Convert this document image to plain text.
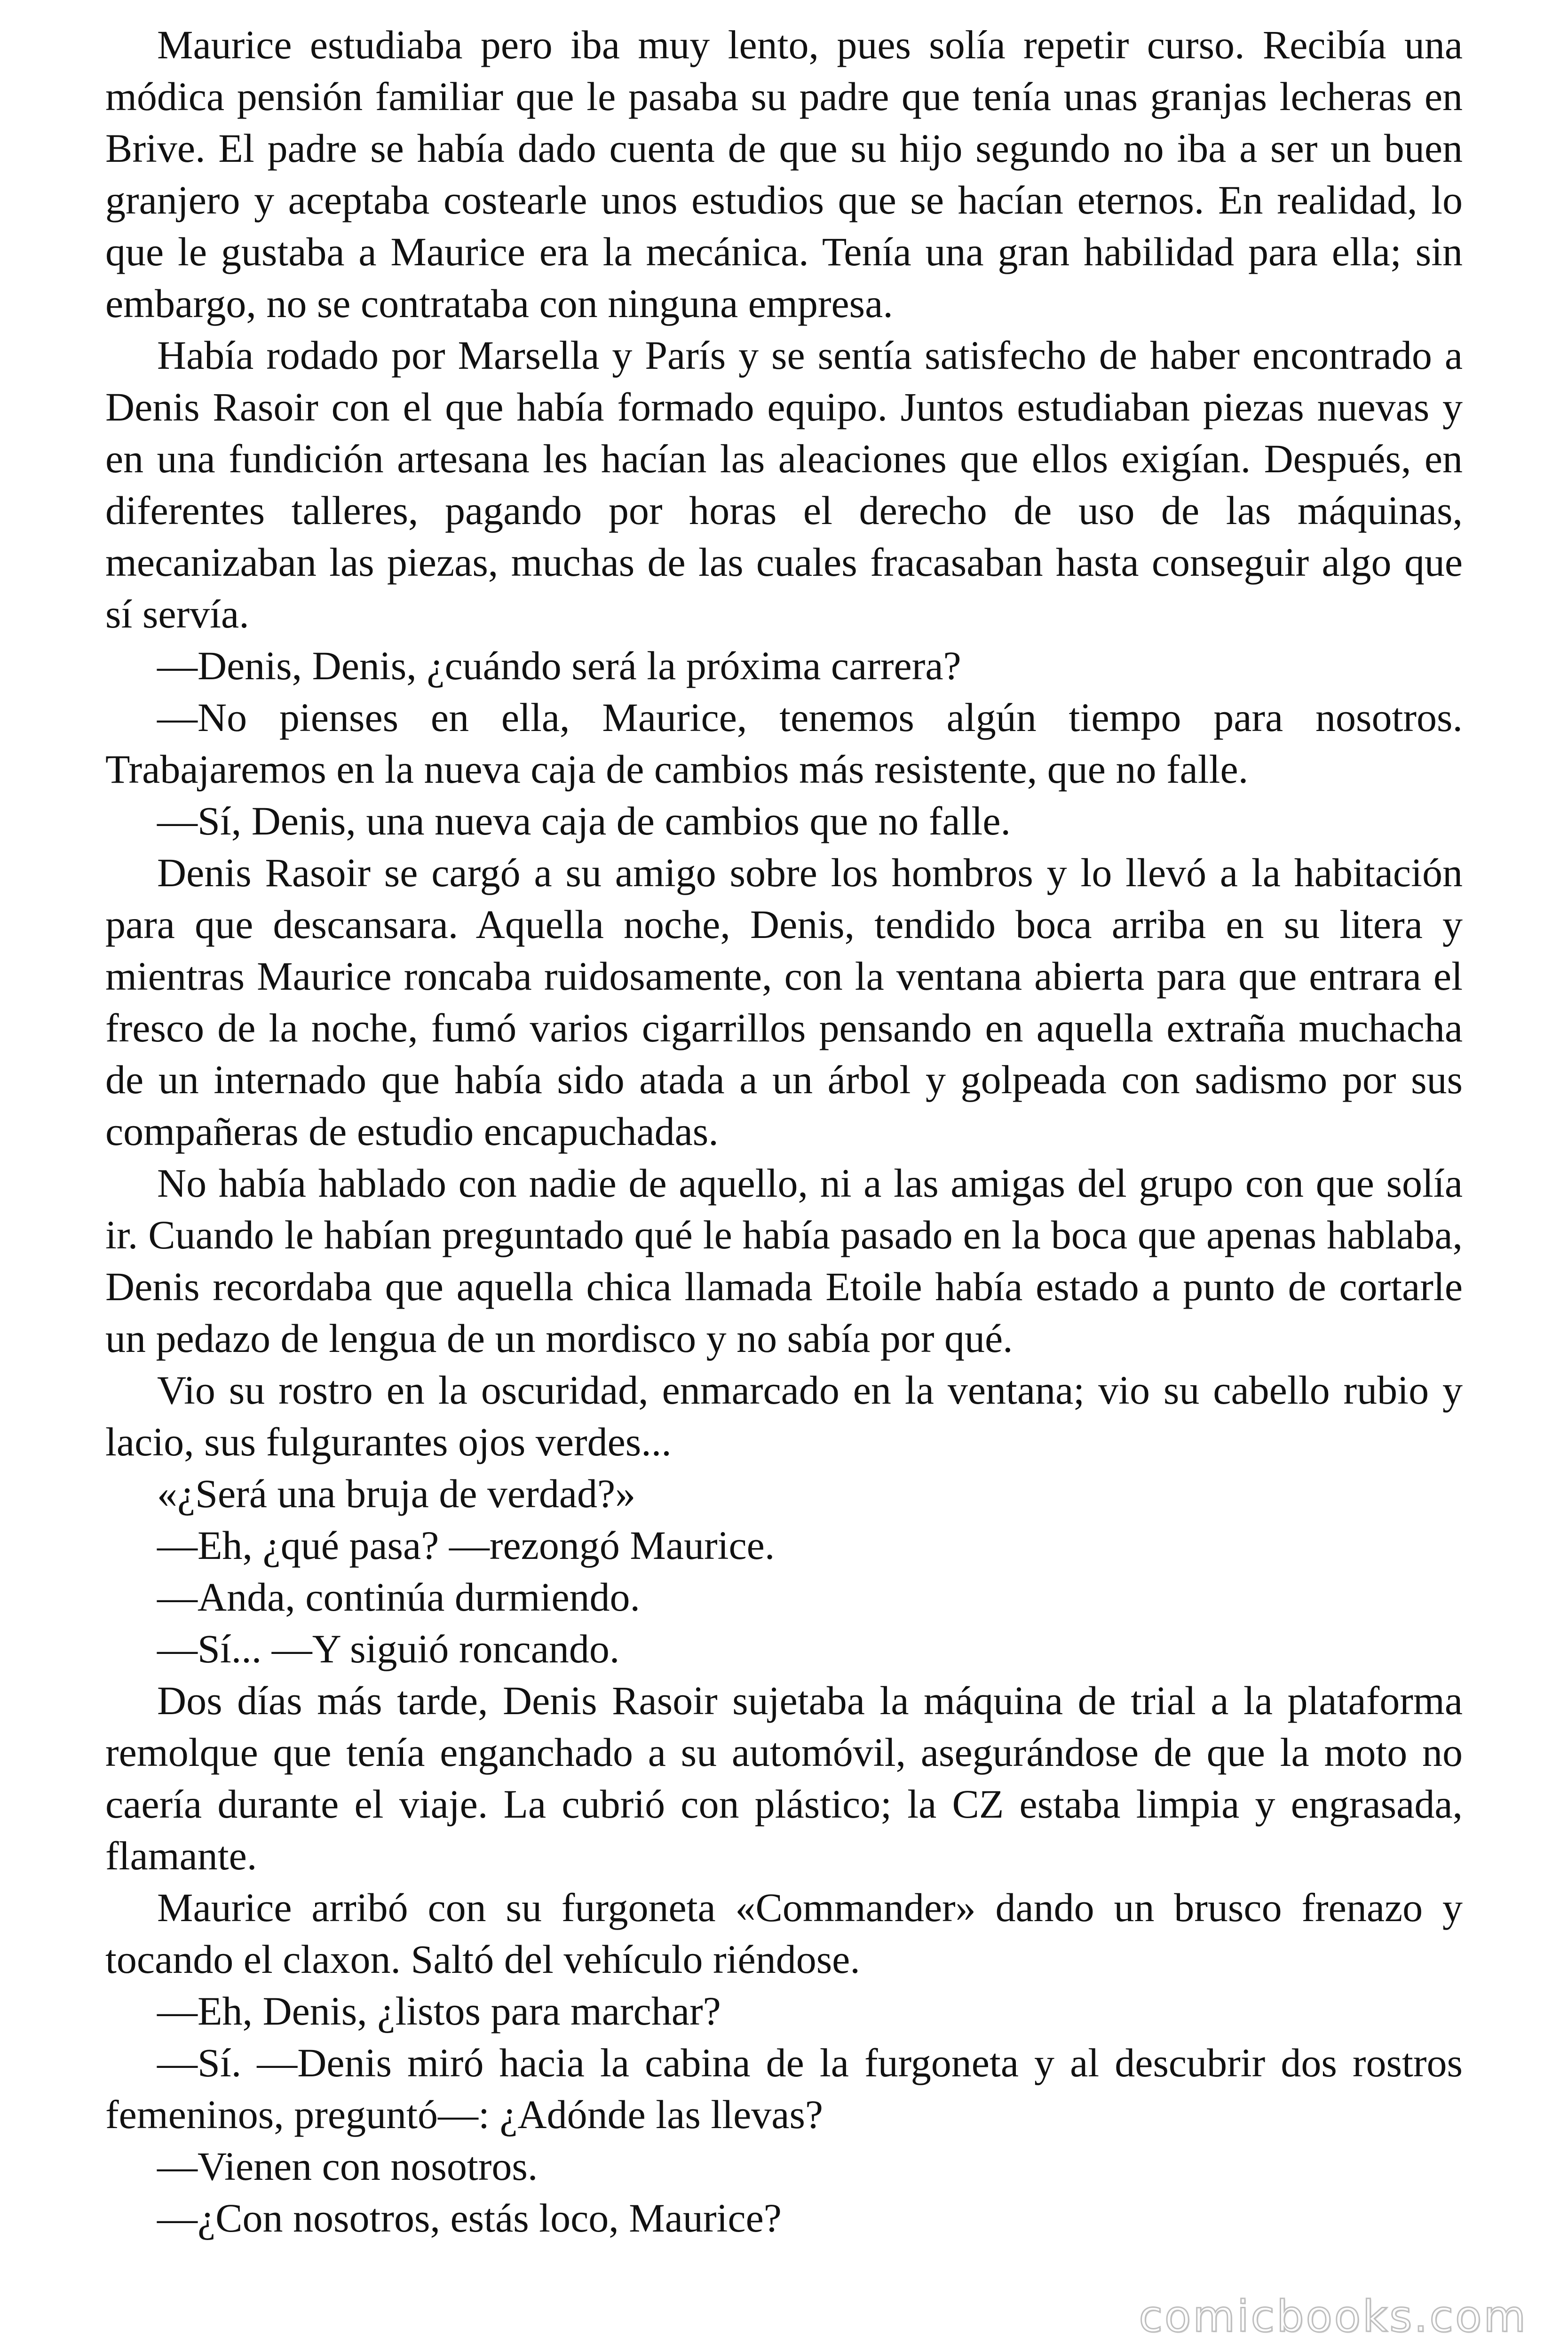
Maurice estudiaba pero iba muy lento, pues solía repetir curso. Recibía una módica pensión familiar que le pasaba su padre que tenía unas granjas lecheras en Brive. El padre se había dado cuenta de que su hijo segundo no iba a ser un buen granjero y aceptaba costearle unos estudios que se hacían eternos. En realidad, lo que le gustaba a Maurice era la mecánica. Tenía una gran habilidad para ella; sin embargo, no se contrataba con ninguna empresa.

Había rodado por Marsella y París y se sentía satisfecho de haber encontrado a Denis Rasoir con el que había formado equipo. Juntos estudiaban piezas nuevas y en una fundición artesana les hacían las aleaciones que ellos exigían. Después, en diferentes talleres, pagando por horas el derecho de uso de las máquinas, mecanizaban las piezas, muchas de las cuales fracasaban hasta conseguir algo que sí servía.

—Denis, Denis, ¿cuándo será la próxima carrera?

—No pienses en ella, Maurice, tenemos algún tiempo para nosotros. Trabajaremos en la nueva caja de cambios más resistente, que no falle.

—Sí, Denis, una nueva caja de cambios que no falle.

Denis Rasoir se cargó a su amigo sobre los hombros y lo llevó a la habitación para que descansara. Aquella noche, Denis, tendido boca arriba en su litera y mientras Maurice roncaba ruidosamente, con la ventana abierta para que entrara el fresco de la noche, fumó varios cigarrillos pensando en aquella extraña muchacha de un internado que había sido atada a un árbol y golpeada con sadismo por sus compañeras de estudio encapuchadas.

No había hablado con nadie de aquello, ni a las amigas del grupo con que solía ir. Cuando le habían preguntado qué le había pasado en la boca que apenas hablaba, Denis recordaba que aquella chica llamada Etoile había estado a punto de cortarle un pedazo de lengua de un mordisco y no sabía por qué.

Vio su rostro en la oscuridad, enmarcado en la ventana; vio su cabello rubio y lacio, sus fulgurantes ojos verdes...

«¿Será una bruja de verdad?»

—Eh, ¿qué pasa? —rezongó Maurice.

—Anda, continúa durmiendo.

—Sí... —Y siguió roncando.

Dos días más tarde, Denis Rasoir sujetaba la máquina de trial a la plataforma remolque que tenía enganchado a su automóvil, asegurándose de que la moto no caería durante el viaje. La cubrió con plástico; la CZ estaba limpia y engrasada, flamante.

Maurice arribó con su furgoneta «Commander» dando un brusco frenazo y tocando el claxon. Saltó del vehículo riéndose.

—Eh, Denis, ¿listos para marchar?

—Sí. —Denis miró hacia la cabina de la furgoneta y al descubrir dos rostros femeninos, preguntó—: ¿Adónde las llevas?

—Vienen con nosotros.

—¿Con nosotros, estás loco, Maurice?

comicbooks.com
